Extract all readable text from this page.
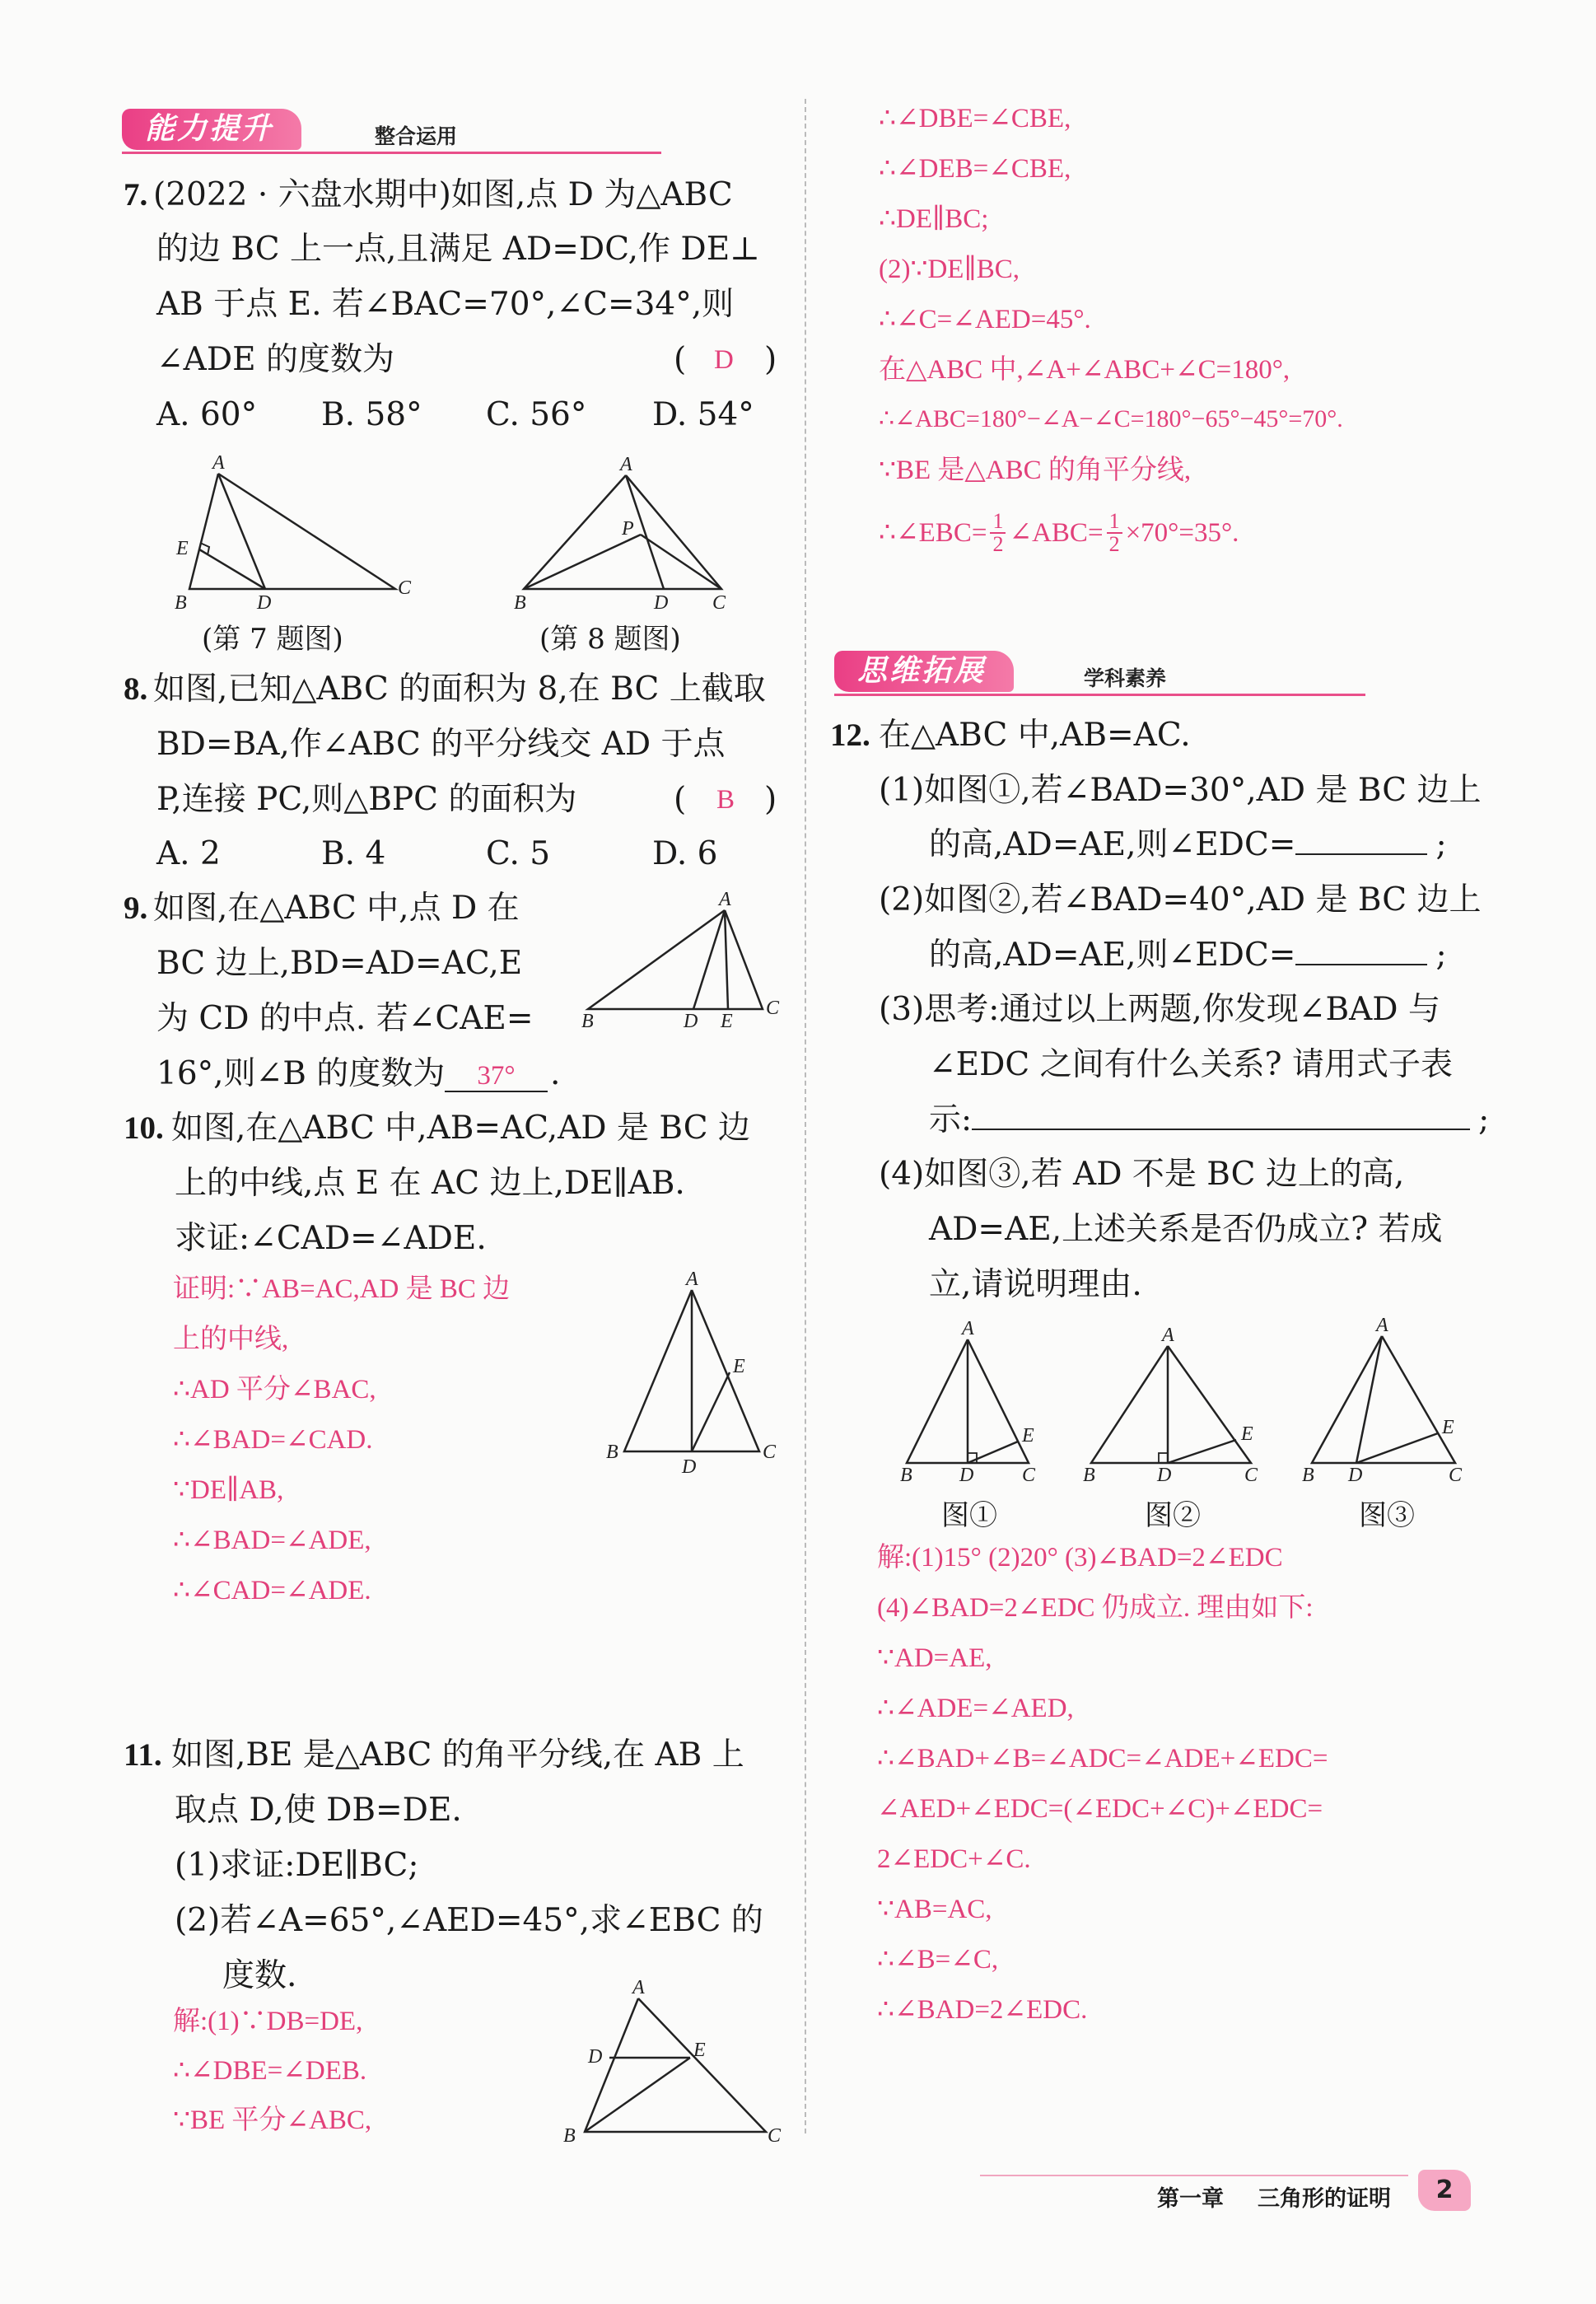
能力提升	整合运用
7. (2022 · 六盘水期中)如图,点 D 为△ABC
的边 BC 上一点,且满足 AD=DC,作 DE⊥
AB 于点 E. 若∠BAC=70°,∠C=34°,则
∠ADE 的度数为	( D )
A. 60° B. 58° C. 56° D. 54°
A
B	D
C
E
(第 7 题图)
A
P
B	D C
(第 8 题图)
8. 如图,已知△ABC 的面积为 8,在 BC 上截取
BD=BA,作∠ABC 的平分线交 AD 于点
P,连接 PC,则△BPC 的面积为	( B )
A. 2	B. 4	C. 5	D. 6
9. 如图,在△ABC 中,点 D 在
BC 边上,BD=AD=AC,E
为 CD 的中点. 若∠CAE=
16°,则∠B 的度数为	37°	.
A
B	D E
C
10. 如图,在△ABC 中,AB=AC,AD 是 BC 边
上的中线,点 E 在 AC 边上,DE∥AB.
求证:∠CAD=∠ADE.
证明:∵AB=AC,AD 是 BC 边
上的中线,
∴AD 平分∠BAC,
∴∠BAD=∠CAD.
∵DE∥AB,
∴∠BAD=∠ADE,
∴∠CAD=∠ADE.
A
E
B
D
C
11. 如图,BE 是△ABC 的角平分线,在 AB 上
取点 D,使 DB=DE.
(1)求证:DE∥BC;
(2)若∠A=65°,∠AED=45°,求∠EBC 的
度数.
解:(1)∵DB=DE,
∴∠DBE=∠DEB.
∵BE 平分∠ABC,
A
D	E
B	C
∴∠DBE=∠CBE,
∴∠DEB=∠CBE,
∴DE∥BC;
(2)∵DE∥BC,
∴∠C=∠AED=45°.
在△ABC 中,∠A+∠ABC+∠C=180°,
∴∠ABC=180°−∠A−∠C=180°−65°−45°=70°.
∵BE 是△ABC 的角平分线,
∴∠EBC= $\frac{1}{2}$ ∠ABC= $\frac{1}{2} \times 70^\circ=35^\circ$.
思维拓展	学科素养
12. 在△ABC 中,AB=AC.
(1)如图①,若∠BAD=30°,AD 是 BC 边上
的高,AD=AE,则∠EDC=	;
(2)如图②,若∠BAD=40°,AD 是 BC 边上
的高,AD=AE,则∠EDC=	;
(3)思考:通过以上两题,你发现∠BAD 与
∠EDC 之间有什么关系? 请用式子表
示:	;
(4)如图③,若 AD 不是 BC 边上的高,
AD=AE,上述关系是否仍成立? 若成
立,请说明理由.
A
B D C
E
图①
A
B	D	C
E
图②
A
B D	C
E
图③
解:(1)15° (2)20° (3)∠BAD=2∠EDC
(4)∠BAD=2∠EDC 仍成立. 理由如下:
∵AD=AE,
∴∠ADE=∠AED,
∴∠BAD+∠B=∠ADC=∠ADE+∠EDC=
∠AED+∠EDC=(∠EDC+∠C)+∠EDC=
2∠EDC+∠C.
∵AB=AC,
∴∠B=∠C,
∴∠BAD=2∠EDC.
第一章 三角形的证明	2
